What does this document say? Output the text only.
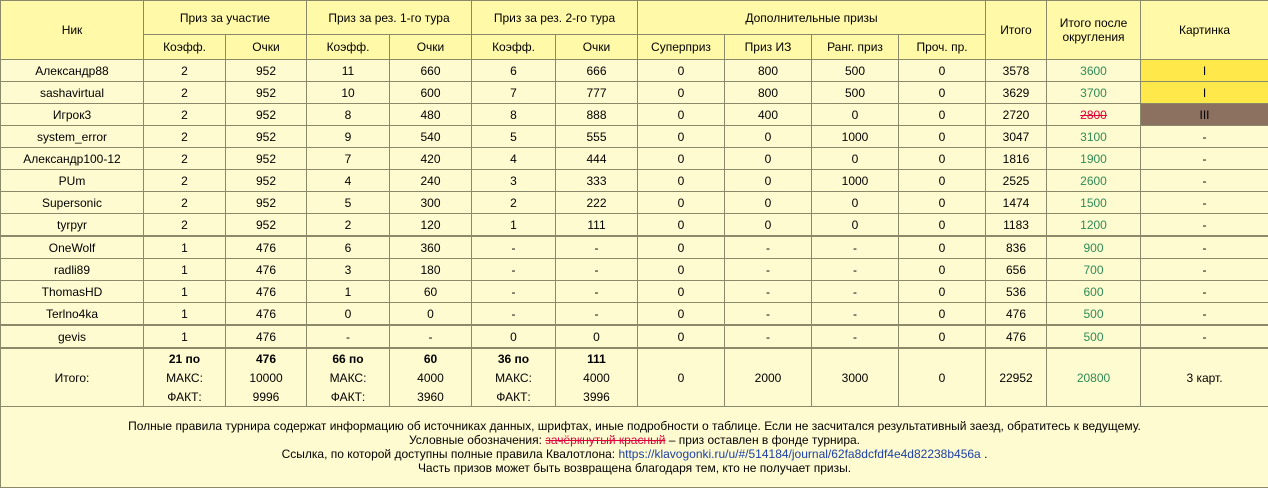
Ник	Приз за участие		Приз за рез. 1-го тура		Приз за рез. 2-го тура		Дополнительные призы				Итого	Итого после округления	Картинка
	Коэфф.	Очки	Коэфф.	Очки	Коэфф.	Очки	Суперприз	Приз ИЗ	Ранг. приз	Проч. пр.			
Александр88	2	952	11	660	6	666	0	800	500	0	3578	3600	I
sashavirtual	2	952	10	600	7	777	0	800	500	0	3629	3700	I
Игрок3	2	952	8	480	8	888	0	400	0	0	2720	2800	III
system_error	2	952	9	540	5	555	0	0	1000	0	3047	3100	-
Александр100-12	2	952	7	420	4	444	0	0	0	0	1816	1900	-
PUm	2	952	4	240	3	333	0	0	1000	0	2525	2600	-
Supersonic	2	952	5	300	2	222	0	0	0	0	1474	1500	-
tyrpyr	2	952	2	120	1	111	0	0	0	0	1183	1200	-
OneWolf	1	476	6	360	-	-	0	-	-	0	836	900	-
radli89	1	476	3	180	-	-	0	-	-	0	656	700	-
ThomasHD	1	476	1	60	-	-	0	-	-	0	536	600	-
Terlno4ka	1	476	0	0	-	-	0	-	-	0	476	500	-
gevis	1	476	-	-	0	0	0	-	-	0	476	500	-
Итого:	21 по	476	66 по	60	36 по	111	0	2000	3000	0	22952	20800	3 карт.
	МАКС:	10000	МАКС:	4000	МАКС:	4000							
	ФАКТ:	9996	ФАКТ:	3960	ФАКТ:	3996							

Полные правила турнира содержат информацию об источниках данных, шрифтах, иные подробности о таблице. Если не засчитался результативный заезд, обратитесь к ведущему.
Условные обозначения: зачёркнутый красный – приз оставлен в фонде турнира.
Ссылка, по которой доступны полные правила Квалотлона: https://klavogonki.ru/u/#/514184/journal/62fa8dcfdf4e4d82238b456a .
Часть призов может быть возвращена благодаря тем, кто не получает призы.													
